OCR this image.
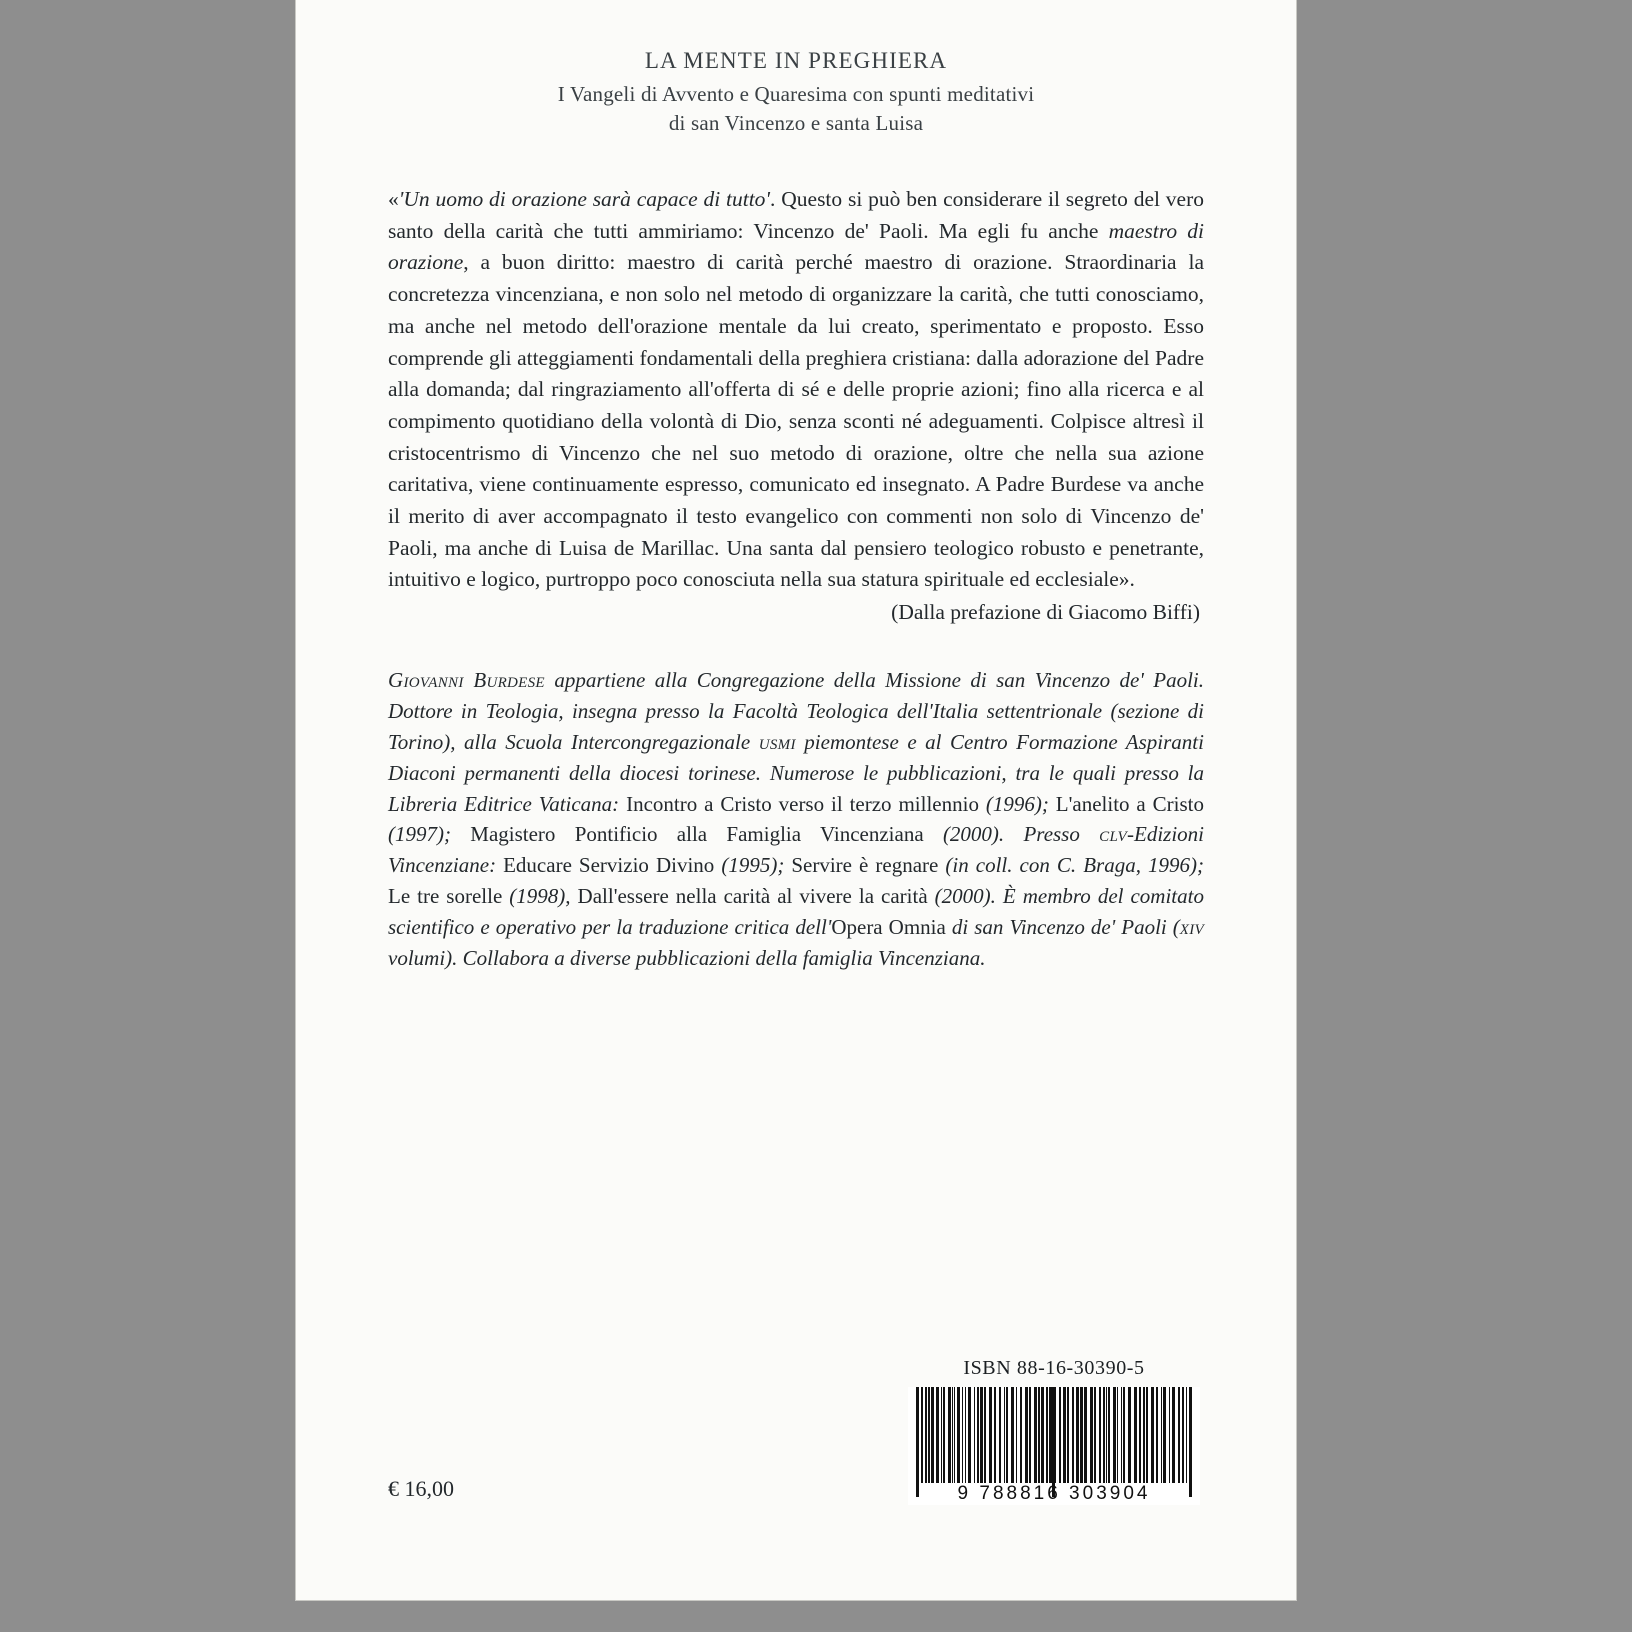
LA MENTE IN PREGHIERA
I Vangeli di Avvento e Quaresima con spunti meditativi
di san Vincenzo e santa Luisa
«'Un uomo di orazione sarà capace di tutto'. Questo si può ben considerare il segreto del vero santo della carità che tutti ammiriamo: Vincenzo de' Paoli. Ma egli fu anche maestro di orazione, a buon diritto: maestro di carità perché maestro di orazione. Straordinaria la concretezza vincenziana, e non solo nel metodo di organizzare la carità, che tutti conosciamo, ma anche nel metodo dell'orazione mentale da lui creato, sperimentato e proposto. Esso comprende gli atteggiamenti fondamentali della preghiera cristiana: dalla adorazione del Padre alla domanda; dal ringraziamento all'offerta di sé e delle proprie azioni; fino alla ricerca e al compimento quotidiano della volontà di Dio, senza sconti né adeguamenti. Colpisce altresì il cristocentrismo di Vincenzo che nel suo metodo di orazione, oltre che nella sua azione caritativa, viene continuamente espresso, comunicato ed insegnato. A Padre Burdese va anche il merito di aver accompagnato il testo evangelico con commenti non solo di Vincenzo de' Paoli, ma anche di Luisa de Marillac. Una santa dal pensiero teologico robusto e penetrante, intuitivo e logico, purtroppo poco conosciuta nella sua statura spirituale ed ecclesiale».
(Dalla prefazione di Giacomo Biffi)
Giovanni Burdese appartiene alla Congregazione della Missione di san Vincenzo de' Paoli. Dottore in Teologia, insegna presso la Facoltà Teologica dell'Italia settentrionale (sezione di Torino), alla Scuola Intercongregazionale usmi piemontese e al Centro Formazione Aspiranti Diaconi permanenti della diocesi torinese. Numerose le pubblicazioni, tra le quali presso la Libreria Editrice Vaticana: Incontro a Cristo verso il terzo millennio (1996); L'anelito a Cristo (1997); Magistero Pontificio alla Famiglia Vincenziana (2000). Presso clv-Edizioni Vincenziane: Educare Servizio Divino (1995); Servire è regnare (in coll. con C. Braga, 1996); Le tre sorelle (1998), Dall'essere nella carità al vivere la carità (2000). È membro del comitato scientifico e operativo per la traduzione critica dell'Opera Omnia di san Vincenzo de' Paoli (xiv volumi). Collabora a diverse pubblicazioni della famiglia Vincenziana.
€ 16,00
ISBN 88-16-30390-5
9 788816 303904
